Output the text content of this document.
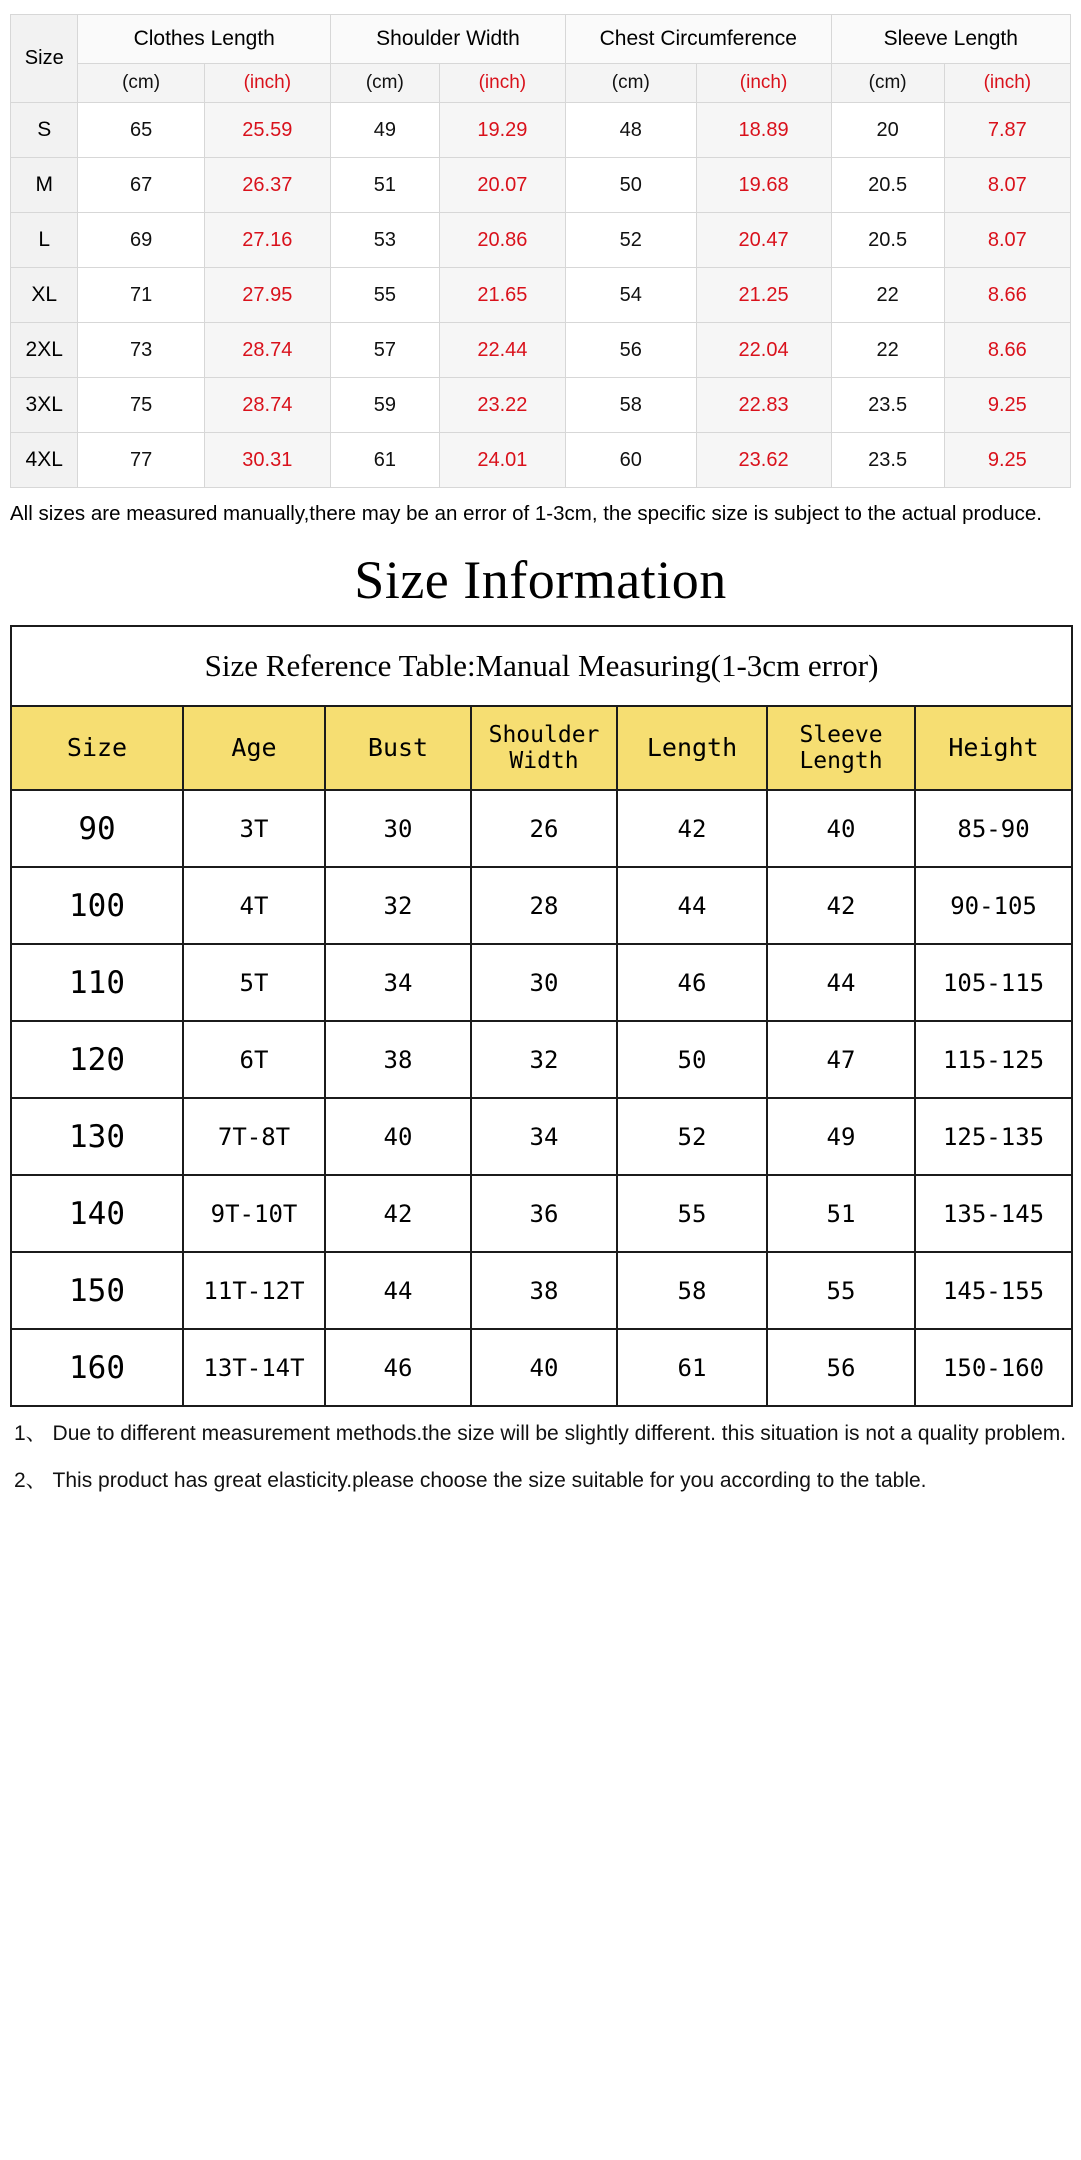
Size	Clothes Length		Shoulder Width		Chest Circumference		Sleeve Length	
	(cm)	(inch)	(cm)	(inch)	(cm)	(inch)	(cm)	(inch)
S	65	25.59	49	19.29	48	18.89	20	7.87
M	67	26.37	51	20.07	50	19.68	20.5	8.07
L	69	27.16	53	20.86	52	20.47	20.5	8.07
XL	71	27.95	55	21.65	54	21.25	22	8.66
2XL	73	28.74	57	22.44	56	22.04	22	8.66
3XL	75	28.74	59	23.22	58	22.83	23.5	9.25
4XL	77	30.31	61	24.01	60	23.62	23.5	9.25
All sizes are measured manually,there may be an error of 1-3cm, the specific size is subject to the actual produce.
Size Information
Size Reference Table:Manual Measuring(1-3cm error)						
Size	Age	Bust	Shoulder Width	Length	Sleeve Length	Height
90	3T	30	26	42	40	85-90
100	4T	32	28	44	42	90-105
110	5T	34	30	46	44	105-115
120	6T	38	32	50	47	115-125
130	7T-8T	40	34	52	49	125-135
140	9T-10T	42	36	55	51	135-145
150	11T-12T	44	38	58	55	145-155
160	13T-14T	46	40	61	56	150-160
1、 Due to different measurement methods.the size will be slightly different. this situation is not a quality problem.
2、 This product has great elasticity.please choose the size suitable for you according to the table.
